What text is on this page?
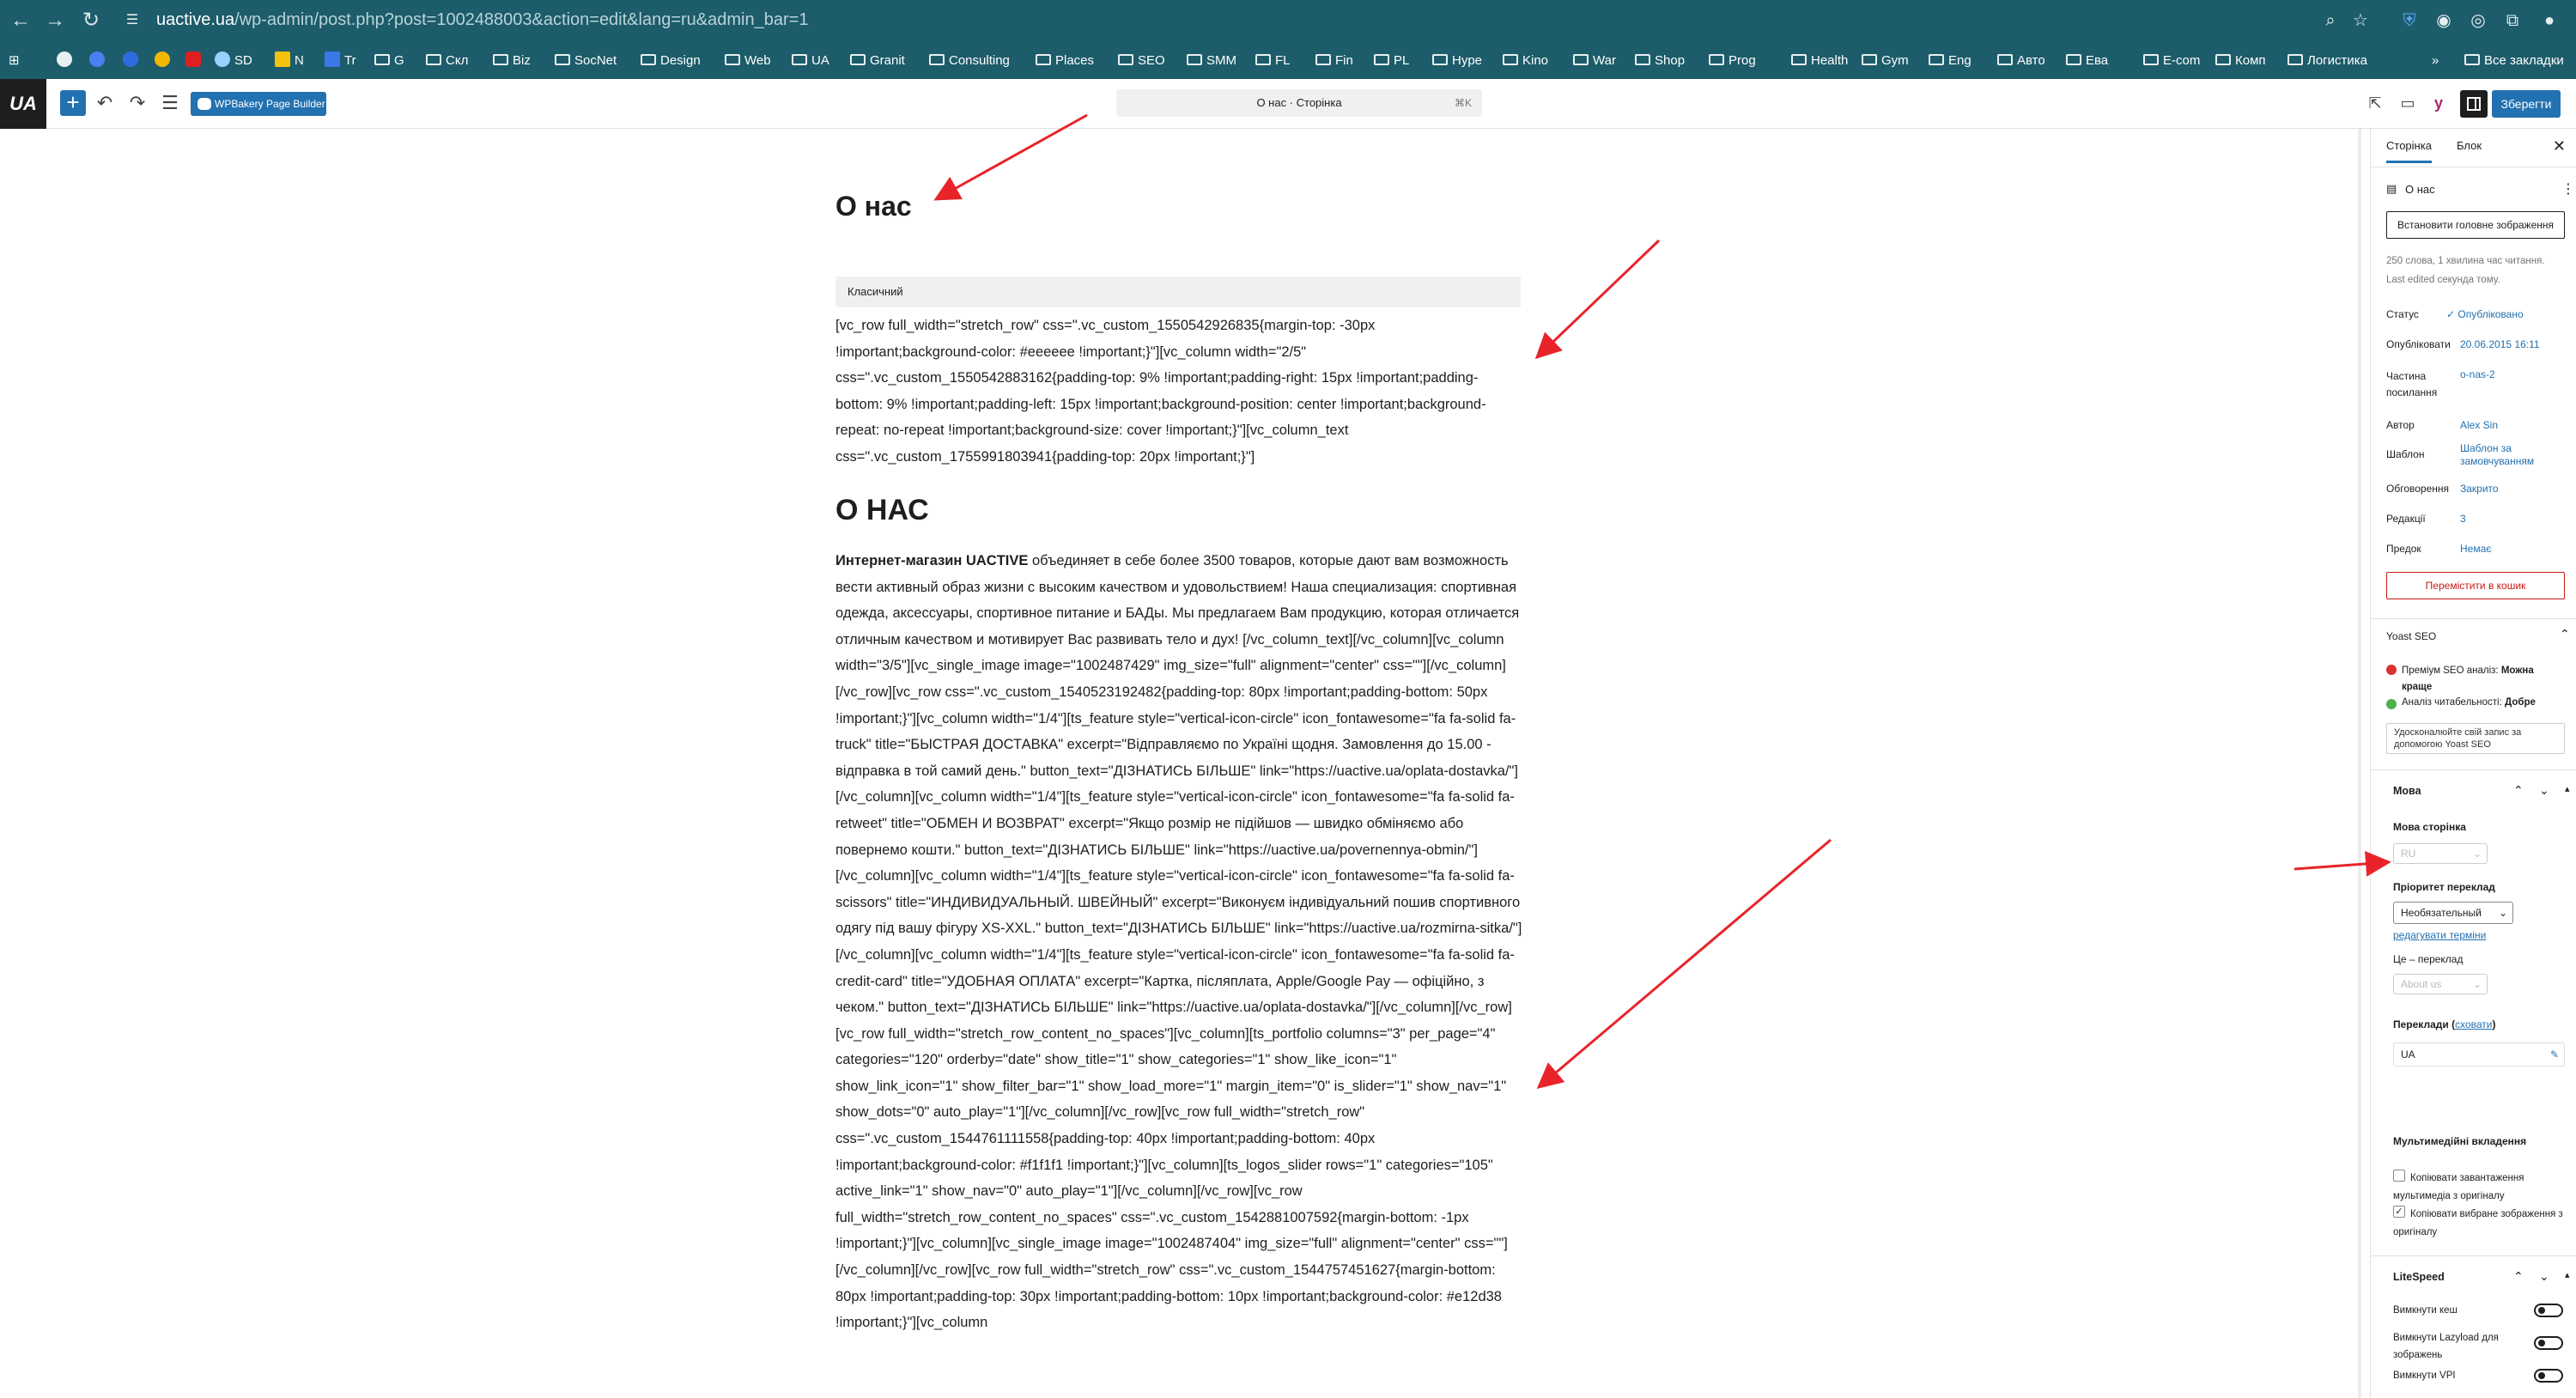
← → ↻	☰	uactive.ua/wp-admin/post.php?post=1002488003&action=edit&lang=ru&admin_bar=1	⌕	☆	⛨	◉ ◎	⧉	●
⊞	SD	N	Tr	G	Скл	Biz	SocNet	Design	Web	UA	Granit	Consulting	Places	SEO	SMM	FL	Fin	PL	Hype	Kino	War	Shop	Prog	Health	Gym	Eng	Авто	Ева	E-com	Комп	Логистика	»	Все закладки
UA	+ ↶ ↷ ☰	WPBakery Page Builder	О нас · Сторінка	⌘K	⇱	▭	y	Зберегти
О нас
Класичний
[vc_row full_width="stretch_row" css=".vc_custom_1550542926835{margin-top: -30px !important;background-color: #eeeeee !important;}"][vc_column width="2/5" css=".vc_custom_1550542883162{padding-top: 9% !important;padding-right: 15px !important;padding-bottom: 9% !important;padding-left: 15px !important;background-position: center !important;background-repeat: no-repeat !important;background-size: cover !important;}"][vc_column_text css=".vc_custom_1755991803941{padding-top: 20px !important;}"]
О НАС
Интернет-магазин UACTIVE объединяет в себе более 3500 товаров, которые дают вам возможность вести активный образ жизни с высоким качеством и удовольствием! Наша специализация: спортивная одежда, аксессуары, спортивное питание и БАДы. Мы предлагаем Вам продукцию, которая отличается отличным качеством и мотивирует Вас развивать тело и дух! [/vc_column_text][/vc_column][vc_column width="3/5"][vc_single_image image="1002487429" img_size="full" alignment="center" css=""][/vc_column][/vc_row][vc_row css=".vc_custom_1540523192482{padding-top: 80px !important;padding-bottom: 50px !important;}"][vc_column width="1/4"][ts_feature style="vertical-icon-circle" icon_fontawesome="fa fa-solid fa-truck" title="БЫСТРАЯ ДОСТАВКА" excerpt="Відправляємо по Україні щодня. Замовлення до 15.00 - відправка в той самий день." button_text="ДІЗНАТИСЬ БІЛЬШЕ" link="https://uactive.ua/oplata-dostavka/"][/vc_column][vc_column width="1/4"][ts_feature style="vertical-icon-circle" icon_fontawesome="fa fa-solid fa-retweet" title="ОБМЕН И ВОЗВРАТ" excerpt="Якщо розмір не підійшов — швидко обміняємо або повернемо кошти." button_text="ДІЗНАТИСЬ БІЛЬШЕ" link="https://uactive.ua/povernennya-obmin/"][/vc_column][vc_column width="1/4"][ts_feature style="vertical-icon-circle" icon_fontawesome="fa fa-solid fa-scissors" title="ИНДИВИДУАЛЬНЫЙ. ШВЕЙНЫЙ" excerpt="Виконуєм індивідуальний пошив спортивного одягу під вашу фігуру XS-XXL." button_text="ДІЗНАТИСЬ БІЛЬШЕ" link="https://uactive.ua/rozmirna-sitka/"][/vc_column][vc_column width="1/4"][ts_feature style="vertical-icon-circle" icon_fontawesome="fa fa-solid fa-credit-card" title="УДОБНАЯ ОПЛАТА" excerpt="Картка, післяплата, Apple/Google Pay — офіційно, з чеком." button_text="ДІЗНАТИСЬ БІЛЬШЕ" link="https://uactive.ua/oplata-dostavka/"][/vc_column][/vc_row][vc_row full_width="stretch_row_content_no_spaces"][vc_column][ts_portfolio columns="3" per_page="4" categories="120" orderby="date" show_title="1" show_categories="1" show_like_icon="1" show_link_icon="1" show_filter_bar="1" show_load_more="1" margin_item="0" is_slider="1" show_nav="1" show_dots="0" auto_play="1"][/vc_column][/vc_row][vc_row full_width="stretch_row" css=".vc_custom_1544761111558{padding-top: 40px !important;padding-bottom: 40px !important;background-color: #f1f1f1 !important;}"][vc_column][ts_logos_slider rows="1" categories="105" active_link="1" show_nav="0" auto_play="1"][/vc_column][/vc_row][vc_row full_width="stretch_row_content_no_spaces" css=".vc_custom_1542881007592{margin-bottom: -1px !important;}"][vc_column][vc_single_image image="1002487404" img_size="full" alignment="center" css=""][/vc_column][/vc_row][vc_row full_width="stretch_row" css=".vc_custom_1544757451627{margin-bottom: 80px !important;padding-top: 30px !important;padding-bottom: 10px !important;background-color: #e12d38 !important;}"][vc_column
Сторінка Блок	✕
▤ О нас	⋮
Встановити головне зображення
250 слова, 1 хвилина час читання.
Last edited секунда тому.
Статус	✓ Опубліковано
Опубліковати 20.06.2015 16:11
Частина посилання
o-nas-2
Автор	Alex Sin
Шаблон	Шаблон за замовчуванням
Обговорення Закрито
Редакції	3
Предок	Немає
Перемістити в кошик
Yoast SEO	⌃
Преміум SEO аналіз: Можна краще
Аналіз читабельності: Добре
Удосконалюйте свій запис за допомогою Yoast SEO
Мова	⌃ ⌄ ▴
Мова сторінка
RU	⌄
Пріоритет переклад
Необязательный ⌄
редагувати терміни
Це – переклад
About us	⌄
Переклади (сховати)
UA	✎
Мультимедійні вкладення
Копіювати завантаження мультимедіа з оригіналу
✓ Копіювати вибране зображення з оригіналу
LiteSpeed	⌃ ⌄ ▴
Вимкнути кеш
Вимкнути Lazyload для зображень
Вимкнути VPI
